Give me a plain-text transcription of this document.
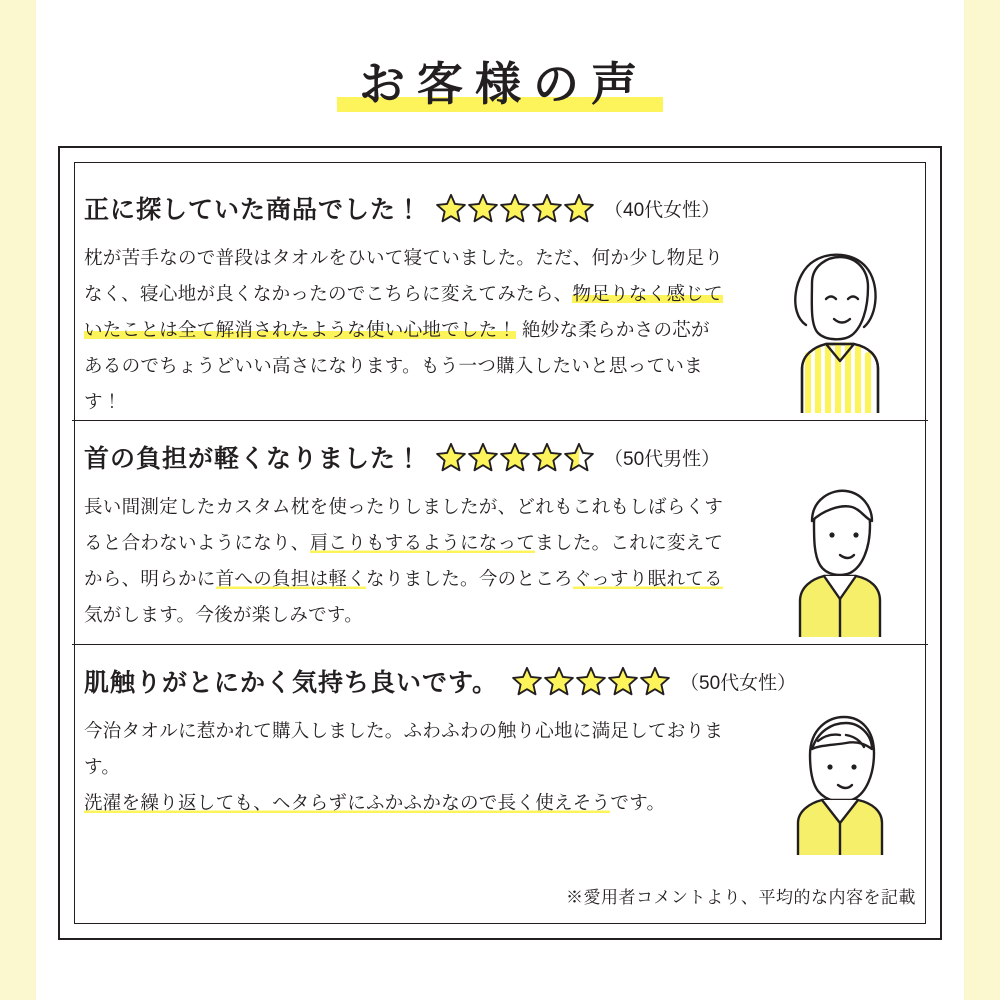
お客様の声
正に探していた商品でした！	（40代女性）
枕が苦手なので普段はタオルをひいて寝ていました。ただ、何か少し物足りなく、寝心地が良くなかったのでこちらに変えてみたら、物足りなく感じていたことは全て解消されたような使い心地でした！ 絶妙な柔らかさの芯があるのでちょうどいい高さになります。もう一つ購入したいと思っています！
首の負担が軽くなりました！	（50代男性）
長い間測定したカスタム枕を使ったりしましたが、どれもこれもしばらくすると合わないようになり、肩こりもするようになってました。これに変えてから、明らかに首への負担は軽くなりました。今のところぐっすり眠れてる気がします。今後が楽しみです。
肌触りがとにかく気持ち良いです。	（50代女性）
今治タオルに惹かれて購入しました。ふわふわの触り心地に満足しております。
洗濯を繰り返しても、ヘタらずにふかふかなので長く使えそうです。
※愛用者コメントより、平均的な内容を記載
